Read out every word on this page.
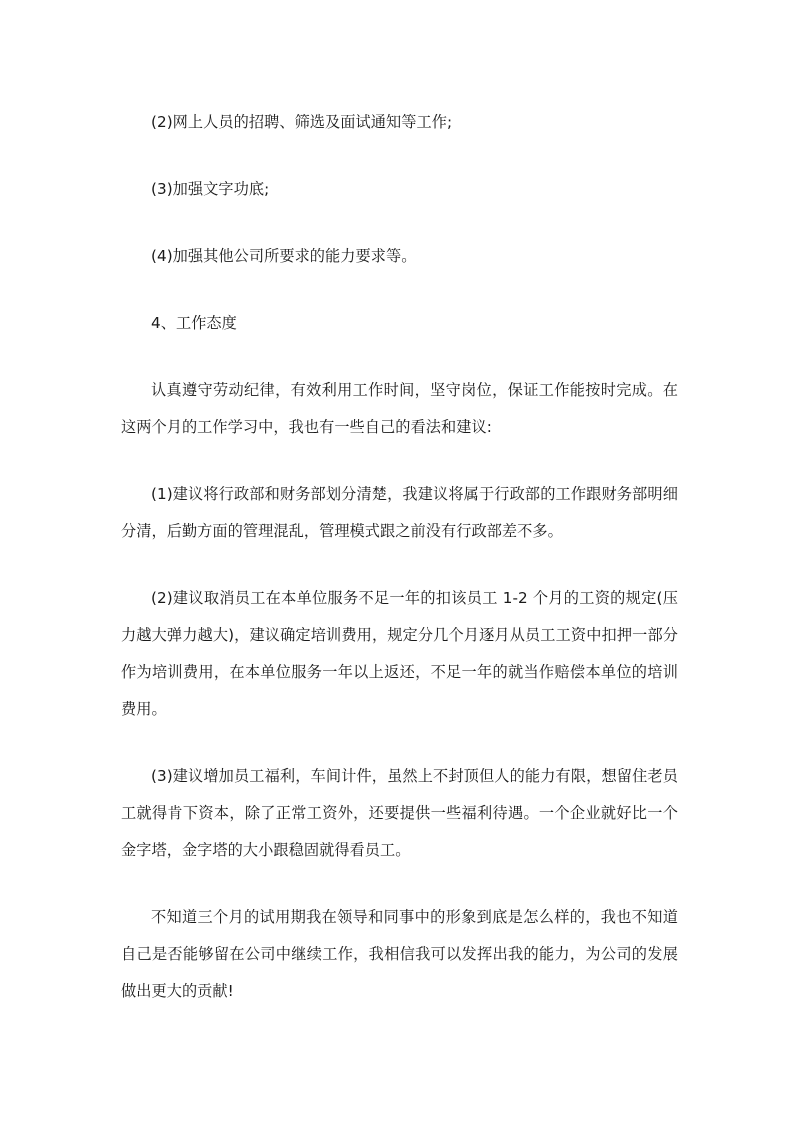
(2)网上人员的招聘、筛选及面试通知等工作;

(3)加强文字功底;

(4)加强其他公司所要求的能力要求等。

4、工作态度

认真遵守劳动纪律，有效利用工作时间，坚守岗位，保证工作能按时完成。在这两个月的工作学习中，我也有一些自己的看法和建议:

(1)建议将行政部和财务部划分清楚，我建议将属于行政部的工作跟财务部明细分清，后勤方面的管理混乱，管理模式跟之前没有行政部差不多。

(2)建议取消员工在本单位服务不足一年的扣该员工 1-2 个月的工资的规定(压力越大弹力越大)，建议确定培训费用，规定分几个月逐月从员工工资中扣押一部分作为培训费用，在本单位服务一年以上返还，不足一年的就当作赔偿本单位的培训费用。

(3)建议增加员工福利，车间计件，虽然上不封顶但人的能力有限，想留住老员工就得肯下资本，除了正常工资外，还要提供一些福利待遇。一个企业就好比一个金字塔，金字塔的大小跟稳固就得看员工。

不知道三个月的试用期我在领导和同事中的形象到底是怎么样的，我也不知道自己是否能够留在公司中继续工作，我相信我可以发挥出我的能力，为公司的发展做出更大的贡献!
